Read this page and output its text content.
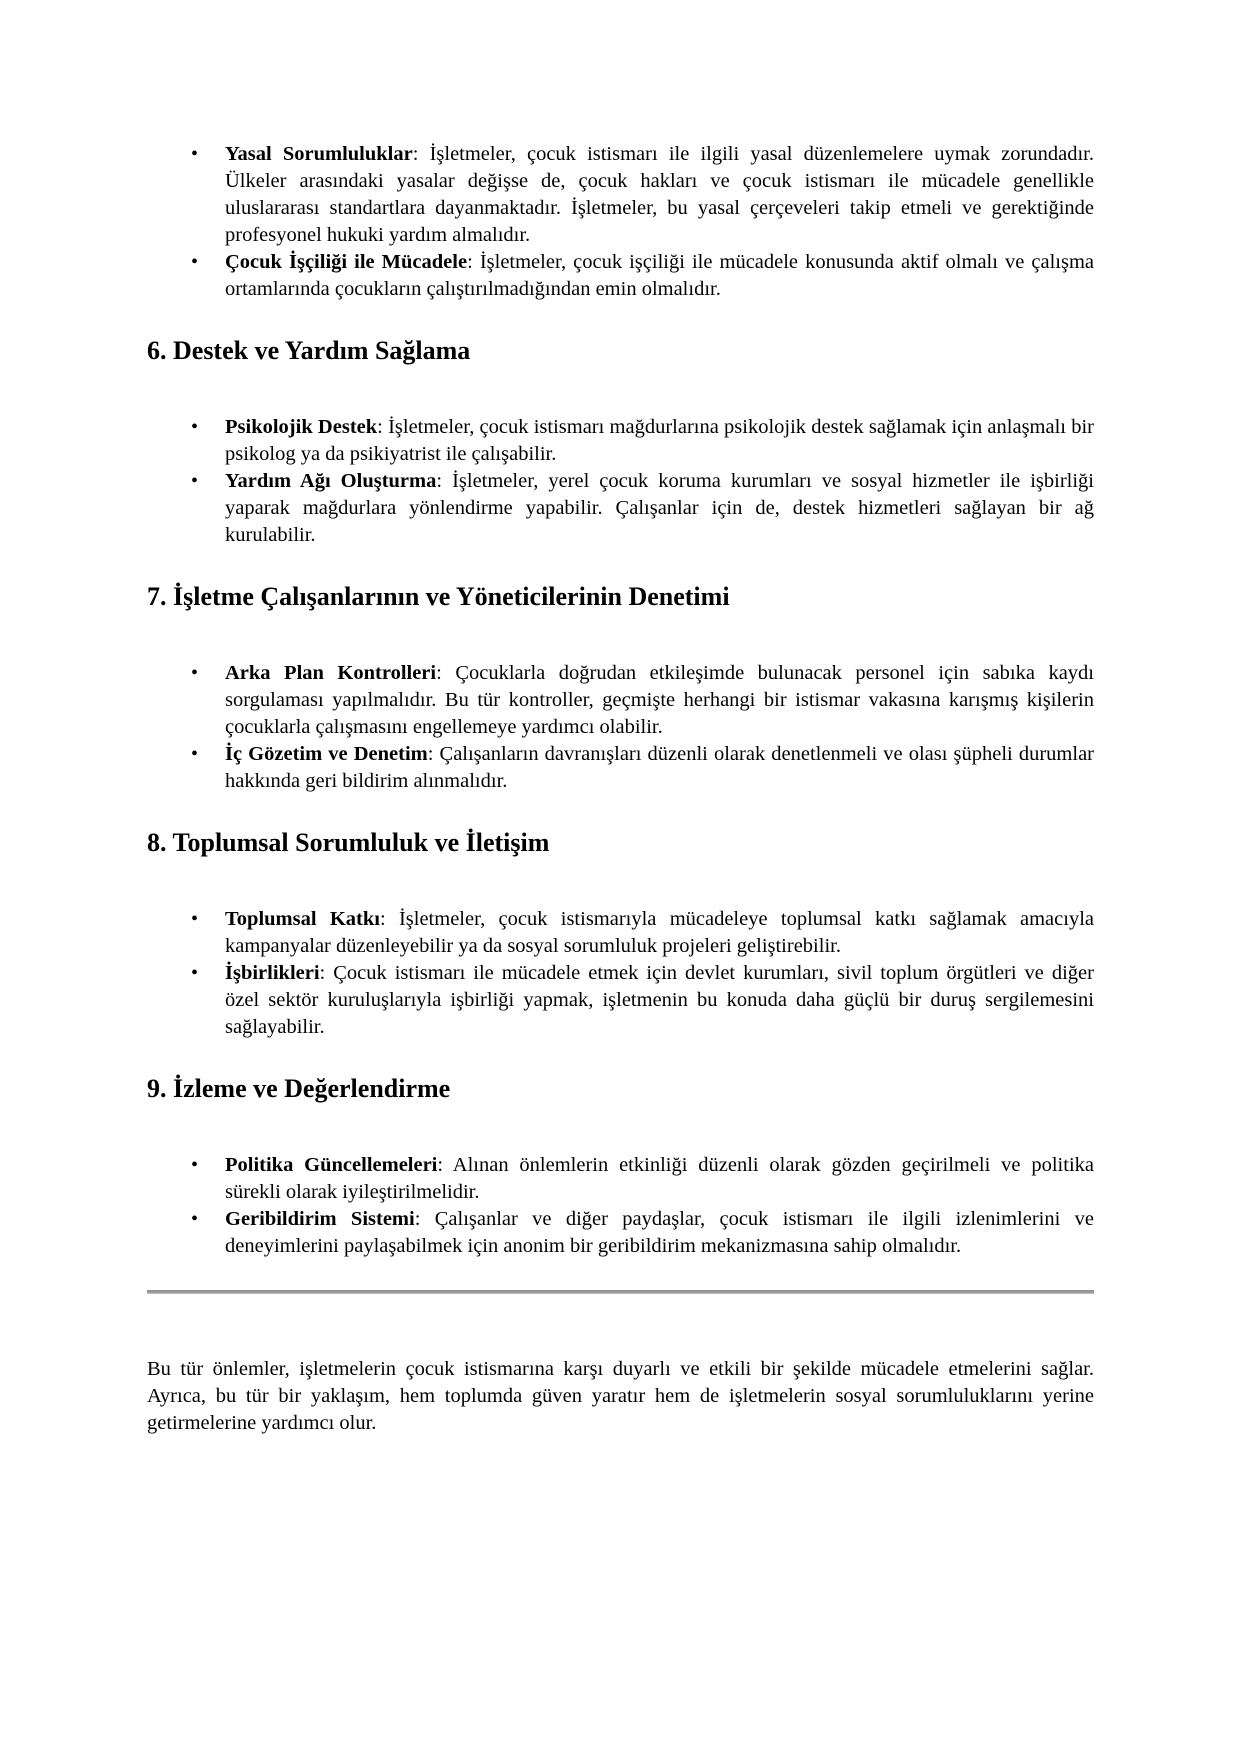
• Yasal Sorumluluklar: İşletmeler, çocuk istismarı ile ilgili yasal düzenlemelere uymak zorundadır. Ülkeler arasındaki yasalar değişse de, çocuk hakları ve çocuk istismarı ile mücadele genellikle uluslararası standartlara dayanmaktadır. İşletmeler, bu yasal çerçeveleri takip etmeli ve gerektiğinde profesyonel hukuki yardım almalıdır.
• Çocuk İşçiliği ile Mücadele: İşletmeler, çocuk işçiliği ile mücadele konusunda aktif olmalı ve çalışma ortamlarında çocukların çalıştırılmadığından emin olmalıdır.
6. Destek ve Yardım Sağlama
• Psikolojik Destek: İşletmeler, çocuk istismarı mağdurlarına psikolojik destek sağlamak için anlaşmalı bir psikolog ya da psikiyatrist ile çalışabilir.
• Yardım Ağı Oluşturma: İşletmeler, yerel çocuk koruma kurumları ve sosyal hizmetler ile işbirliği yaparak mağdurlara yönlendirme yapabilir. Çalışanlar için de, destek hizmetleri sağlayan bir ağ kurulabilir.
7. İşletme Çalışanlarının ve Yöneticilerinin Denetimi
• Arka Plan Kontrolleri: Çocuklarla doğrudan etkileşimde bulunacak personel için sabıka kaydı sorgulaması yapılmalıdır. Bu tür kontroller, geçmişte herhangi bir istismar vakasına karışmış kişilerin çocuklarla çalışmasını engellemeye yardımcı olabilir.
• İç Gözetim ve Denetim: Çalışanların davranışları düzenli olarak denetlenmeli ve olası şüpheli durumlar hakkında geri bildirim alınmalıdır.
8. Toplumsal Sorumluluk ve İletişim
• Toplumsal Katkı: İşletmeler, çocuk istismarıyla mücadeleye toplumsal katkı sağlamak amacıyla kampanyalar düzenleyebilir ya da sosyal sorumluluk projeleri geliştirebilir.
• İşbirlikleri: Çocuk istismarı ile mücadele etmek için devlet kurumları, sivil toplum örgütleri ve diğer özel sektör kuruluşlarıyla işbirliği yapmak, işletmenin bu konuda daha güçlü bir duruş sergilemesini sağlayabilir.
9. İzleme ve Değerlendirme
• Politika Güncellemeleri: Alınan önlemlerin etkinliği düzenli olarak gözden geçirilmeli ve politika sürekli olarak iyileştirilmelidir.
• Geribildirim Sistemi: Çalışanlar ve diğer paydaşlar, çocuk istismarı ile ilgili izlenimlerini ve deneyimlerini paylaşabilmek için anonim bir geribildirim mekanizmasına sahip olmalıdır.

Bu tür önlemler, işletmelerin çocuk istismarına karşı duyarlı ve etkili bir şekilde mücadele etmelerini sağlar. Ayrıca, bu tür bir yaklaşım, hem toplumda güven yaratır hem de işletmelerin sosyal sorumluluklarını yerine getirmelerine yardımcı olur.
